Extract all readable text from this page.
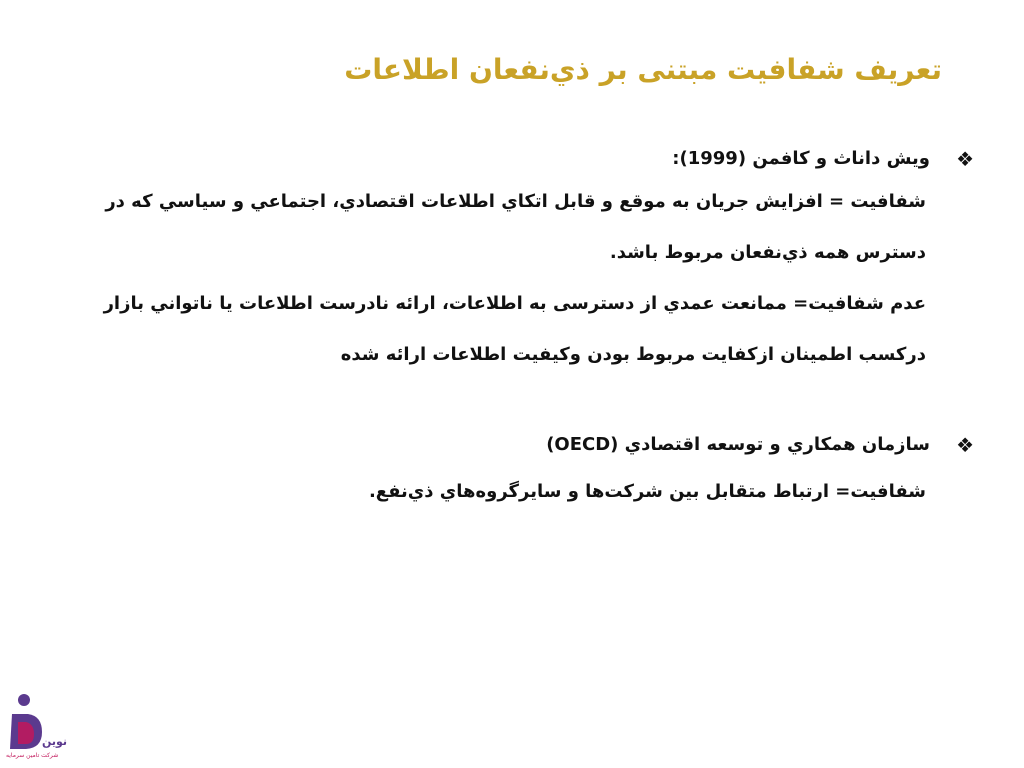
تعريف شفافيت مبتنی بر ذي‌نفعان اطلاعات
❖
ويش داناث و کافمن (1999):
شفافيت = افزايش جريان به موقع و قابل اتکاي اطلاعات اقتصادي، اجتماعي و سياسي که در
دسترس همه ذي‌نفعان مربوط باشد.
عدم شفافيت= ممانعت عمدي از دسترسی به اطلاعات، ارائه نادرست اطلاعات يا ناتواني بازار
درکسب اطمينان ازکفايت مربوط بودن وکيفيت اطلاعات ارائه شده
❖
سازمان همکاري و توسعه اقتصادي (OECD)
شفافيت= ارتباط متقابل بين شرکت‌ها و سايرگروه‌هاي ذي‌نفع.
نوين
شرکت تامين سرمايه
